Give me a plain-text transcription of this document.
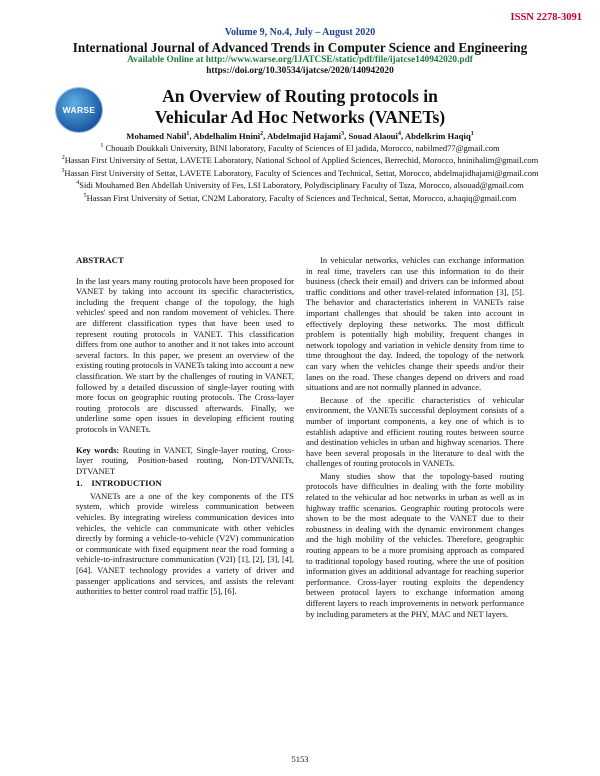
ISSN 2278-3091
Volume 9, No.4, July – August 2020
International Journal of Advanced Trends in Computer Science and Engineering
Available Online at http://www.warse.org/IJATCSE/static/pdf/file/ijatcse140942020.pdf
https://doi.org/10.30534/ijatcse/2020/140942020
WARSE
An Overview of Routing protocols in
Vehicular Ad Hoc Networks (VANETs)
Mohamed Nabil$^1$, Abdelhalim Hnini$^2$, Abdelmajid Hajami$^3$, Souad Alaoui$^4$, Abdelkrim Haqiq$^1$

$^1$ Chouaib Doukkali University, BINI laboratory, Faculty of Sciences of El jadida, Morocco, nabilmed77@gmail.com

$^2$Hassan First University of Settat, LAVETE Laboratory, National School of Applied Sciences, Berrechid, Morocco, hninihalim@gmail.com

$^3$Hassan First University of Settat, LAVETE Laboratory, Faculty of Sciences and Technical, Settat, Morocco, abdelmajidhajami@gmail.com

$^4$Sidi Mouhamed Ben Abdellah University of Fes, LSI Laboratory, Polydisciplinary Faculty of Taza, Morocco, alsouad@gmail.com

$^5$Hassan First University of Settat, CN2M Laboratory, Faculty of Sciences and Technical, Settat, Morocco, a.haqiq@gmail.com

ABSTRACT

In the last years many routing protocols have been proposed for VANET by taking into account its specific characteristics, including the frequent change of the topology, the high vehicles' speed and non random movement of vehicles. There are different classification types that have been used to represent routing protocols in VANET. This classification differs from one author to another and it not takes into account several factors. In this paper, we present an overview of the existing routing protocols in VANETs taking into account a new classification. We start by the challenges of routing in VANET, followed by a detailed discussion of single-layer routing with more focus on geographic routing protocols. The Cross-layer routing protocols are discussed afterwards. Finally, we underline some open issues in developing efficient routing protocols in VANETs.

Key words: Routing in VANET, Single-layer routing, Cross-layer routing, Position-based routing, Non-DTVANETs, DTVANET

1.    INTRODUCTION

VANETs are a one of the key components of the ITS system, which provide wireless communication between vehicles. By integrating wireless communication devices into vehicles, the vehicle can communicate with other vehicles directly by forming a vehicle-to-vehicle (V2V) communication or communicate with fixed equipment near the road forming a vehicle-to-infrastructure communication (V2I) [1], [2], [3], [4], [64]. VANET technology provides a variety of driver and passenger applications and services, and assists the relevant authorities to better control road traffic [5], [6].

In vehicular networks, vehicles can exchange information in real time, travelers can use this information to do their business (check their email) and drivers can be informed about traffic conditions and other travel-related information [3], [5]. The behavior and characteristics inherent in VANETs raise important challenges that should be taken into account in effectively deploying these networks. The most difficult problem is potentially high mobility, frequent changes in network topology and variation in vehicle density from time to time throughout the day. Indeed, the topology of the network can vary when the vehicles change their speeds and/or their lanes on the road. These changes depend on drivers and road situations and are not normally planned in advance.

Because of the specific characteristics of vehicular environment, the VANETs successful deployment consists of a number of important components, a key one of which is to establish adaptive and efficient routing routes between source and destination vehicles in urban and highway scenarios. There have been several proposals in the literature to deal with the challenges of routing protocols in VANETs.

Many studies show that the topology-based routing protocols have difficulties in dealing with the forte mobility related to the vehicular ad hoc networks in urban as well as in highway traffic scenarios. Geographic routing protocols were shown to be the most adequate to the VANET due to their robustness in dealing with the dynamic environment changes and the high mobility of the vehicles. Therefore, geographic routing appears to be a more promising approach as compared to traditional topology based routing, where the use of position information gives an additional advantage for reaching superior performance. Cross-layer routing exploits the dependency between protocol layers to exchange information among different layers to reach improvements in network performance by including parameters at the PHY, MAC and NET layers.

5153
